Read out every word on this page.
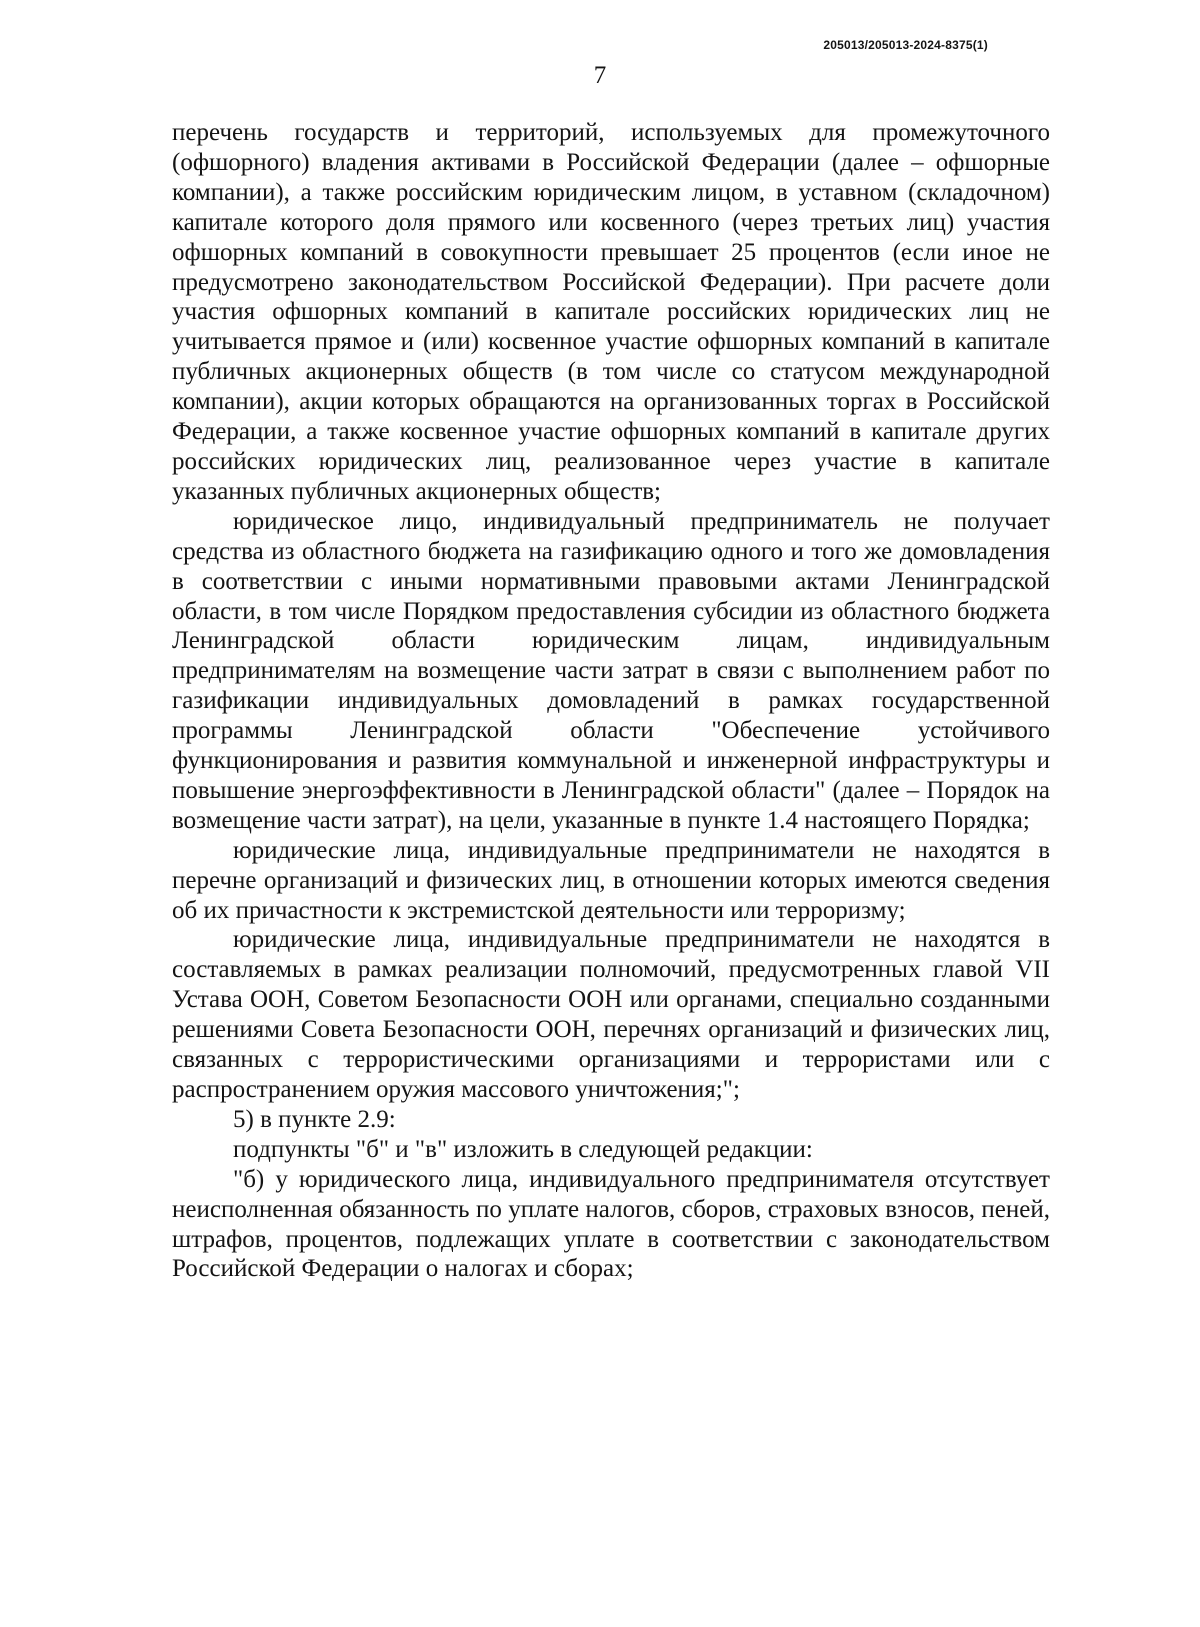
205013/205013-2024-8375(1)
7

перечень государств и территорий, используемых для промежуточного (офшорного) владения активами в Российской Федерации (далее – офшорные компании), а также российским юридическим лицом, в уставном (складочном) капитале которого доля прямого или косвенного (через третьих лиц) участия офшорных компаний в совокупности превышает 25 процентов (если иное не предусмотрено законодательством Российской Федерации). При расчете доли участия офшорных компаний в капитале российских юридических лиц не учитывается прямое и (или) косвенное участие офшорных компаний в капитале публичных акционерных обществ (в том числе со статусом международной компании), акции которых обращаются на организованных торгах в Российской Федерации, а также косвенное участие офшорных компаний в капитале других российских юридических лиц, реализованное через участие в капитале указанных публичных акционерных обществ;

юридическое лицо, индивидуальный предприниматель не получает средства из областного бюджета на газификацию одного и того же домовладения в соответствии с иными нормативными правовыми актами Ленинградской области, в том числе Порядком предоставления субсидии из областного бюджета Ленинградской области юридическим лицам, индивидуальным предпринимателям на возмещение части затрат в связи с выполнением работ по газификации индивидуальных домовладений в рамках государственной программы Ленинградской области "Обеспечение устойчивого функционирования и развития коммунальной и инженерной инфраструктуры и повышение энергоэффективности в Ленинградской области" (далее – Порядок на возмещение части затрат), на цели, указанные в пункте 1.4 настоящего Порядка;

юридические лица, индивидуальные предприниматели не находятся в перечне организаций и физических лиц, в отношении которых имеются сведения об их причастности к экстремистской деятельности или терроризму;

юридические лица, индивидуальные предприниматели не находятся в составляемых в рамках реализации полномочий, предусмотренных главой VII Устава ООН, Советом Безопасности ООН или органами, специально созданными решениями Совета Безопасности ООН, перечнях организаций и физических лиц, связанных с террористическими организациями и террористами или с распространением оружия массового уничтожения;";

5) в пункте 2.9:

подпункты "б" и "в" изложить в следующей редакции:

"б) у юридического лица, индивидуального предпринимателя отсутствует неисполненная обязанность по уплате налогов, сборов, страховых взносов, пеней, штрафов, процентов, подлежащих уплате в соответствии с законодательством Российской Федерации о налогах и сборах;
